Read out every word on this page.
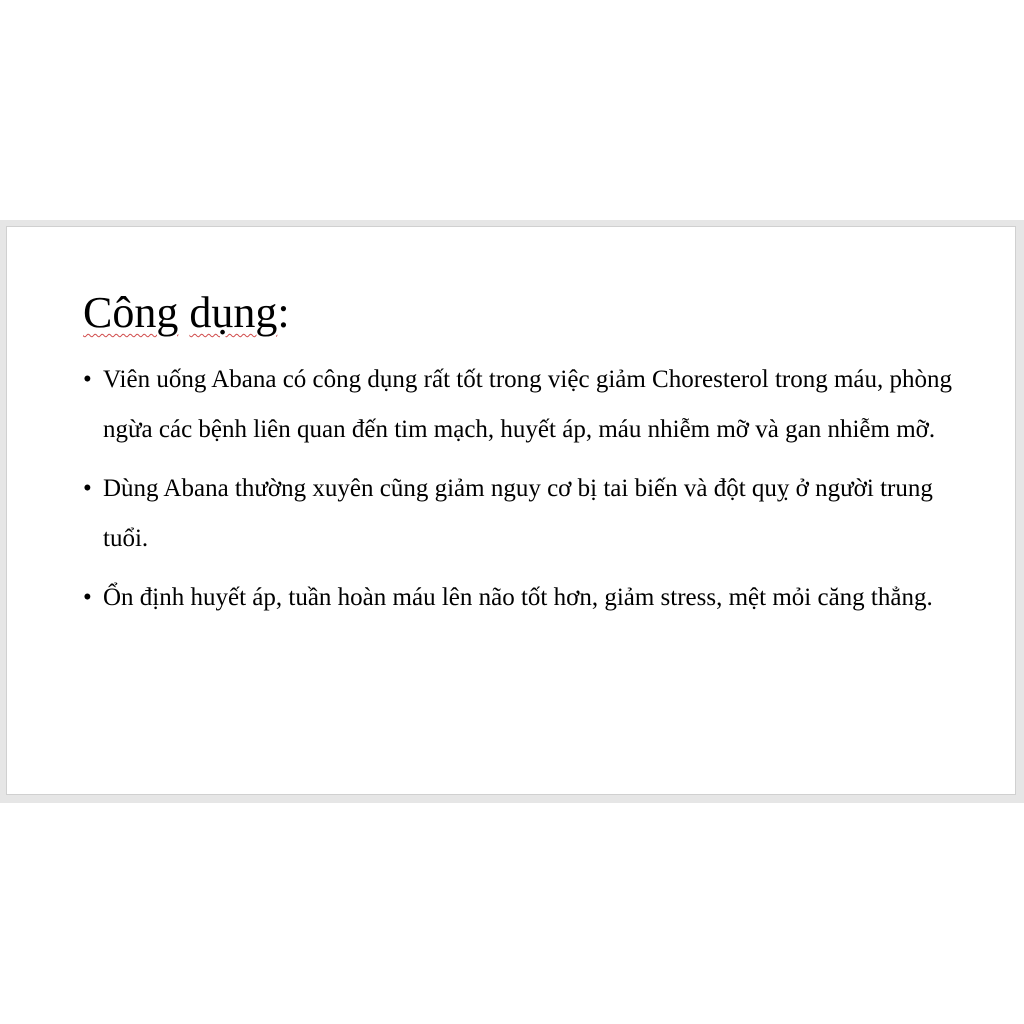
Công dụng:
• Viên uống Abana có công dụng rất tốt trong việc giảm Choresterol trong máu, phòng ngừa các bệnh liên quan đến tim mạch, huyết áp, máu nhiễm mỡ và gan nhiễm mỡ.
• Dùng Abana thường xuyên cũng giảm nguy cơ bị tai biến và đột quỵ ở người trung tuổi.
• Ổn định huyết áp, tuần hoàn máu lên não tốt hơn, giảm stress, mệt mỏi căng thẳng.
